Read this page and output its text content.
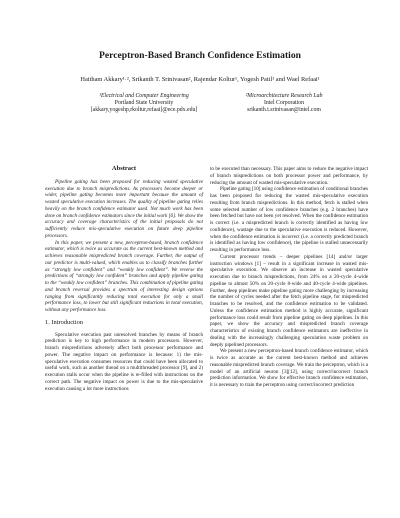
Perceptron-Based Branch Confidence Estimation
Haitham Akkary¹·², Srikanth T. Srinivasan², Rajendar Koltur¹, Yogesh Patil¹ and Wael Refaai¹
¹Electrical and Computer Engineering
Portland State University
[akkary,yogeshp,rkoltur,refaai]@ece.pdx.edu]
²Microarchitecture Research Lab
Intel Corporation
srikanth.t.srinivasan@intel.com
Abstract

Pipeline gating has been proposed for reducing wasted speculative execution due to branch mispredictions. As processors become deeper or wider, pipeline gating becomes more important because the amount of wasted speculative execution increases. The quality of pipeline gating relies heavily on the branch confidence estimator used. Not much work has been done on branch confidence estimators since the initial work [6]. We show the accuracy and coverage characteristics of the initial proposals do not sufficiently reduce mis-speculative execution on future deep pipeline processors.

In this paper, we present a new, perceptron-based, branch confidence estimator, which is twice as accurate as the current best-known method and achieves reasonable mispredicted branch coverage. Further, the output of our predictor is multi-valued, which enables us to classify branches further as “strongly low confident” and “weakly low confident”. We reverse the predictions of “strongly low confident” branches and apply pipeline gating to the “weakly low confident” branches. This combination of pipeline gating and branch reversal provides a spectrum of interesting design options ranging from significantly reducing total execution for only a small performance loss, to lower but still significant reductions in total execution, without any performance loss.

1. Introduction

Speculative execution past unresolved branches by means of branch prediction is key to high performance in modern processors. However, branch mispredictions adversely affect both processor performance and power. The negative impact on performance is because: 1) the mis-speculative execution consumes resources that could have been allocated to useful work, such as another thread on a multithreaded processor [9], and 2) execution stalls occur when the pipeline is re-filled with instructions on the correct path. The negative impact on power is due to the mis-speculative execution causing a lot more instructions

to be executed than necessary. This paper aims to reduce the negative impact of branch mispredictions on both processor power and performance, by reducing the amount of wasted mis-speculative execution.

Pipeline gating [10] using confidence estimation of conditional branches has been proposed for reducing the wasted mis-speculative execution resulting from branch mispredictions. In this method, fetch is stalled when some selected number of low confidence branches (e.g. 2 branches) have been fetched but have not been yet resolved. When the confidence estimation is correct (i.e. a mispredicted branch is correctly identified as having low confidence), wastage due to the speculative execution is reduced. However, when the confidence estimation is incorrect (i.e. a correctly predicted branch is identified as having low confidence), the pipeline is stalled unnecessarily resulting in performance loss.

Current processor trends – deeper pipelines [14] and/or larger instruction windows [1] – result in a significant increase in wasted mis-speculative execution. We observe an increase in wasted speculative execution due to branch mispredictions, from 24% on a 20-cycle 4-wide pipeline to almost 50% on 20-cycle 8-wide and 40-cycle 4-wide pipelines. Further, deep pipelines make pipeline gating more challenging by increasing the number of cycles needed after the fetch pipeline stage, for mispredicted branches to be resolved, and the confidence estimation to be validated. Unless the confidence estimation method is highly accurate, significant performance loss could result from pipeline gating on deep pipelines. In this paper, we show the accuracy and mispredicted branch coverage characteristics of existing branch confidence estimators are ineffective in dealing with the increasingly challenging speculation waste problem on deeply pipelined processors.

We present a new perceptron-based branch confidence estimator, which is twice as accurate as the current best-known method and achieves reasonable mispredicted branch coverage. We train the perceptron, which is a model of an artificial neuron [3][12], using correct/incorrect branch prediction information. We show for effective branch confidence estimation, it is necessary to train the perceptron using correct/incorrect prediction
